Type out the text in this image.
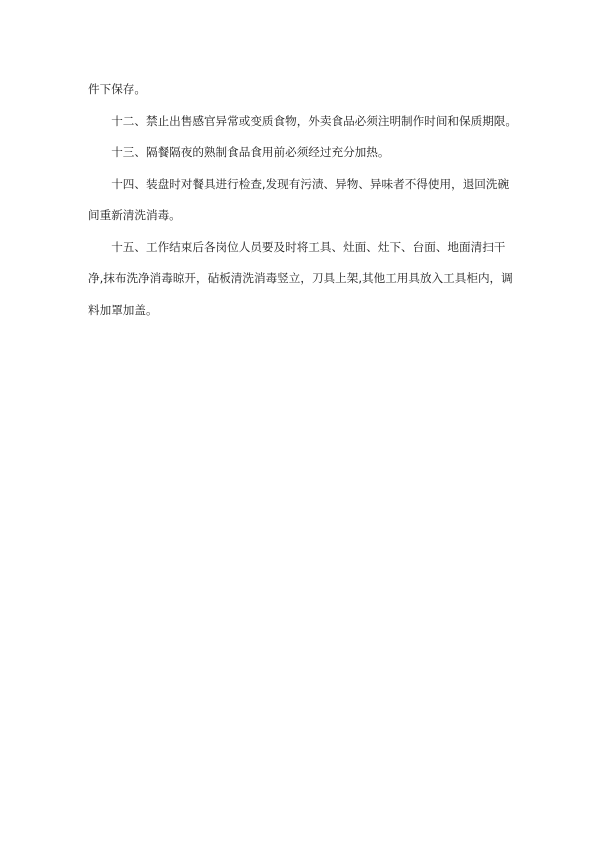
件下保存。

十二、禁止出售感官异常或变质食物，外卖食品必须注明制作时间和保质期限。

十三、隔餐隔夜的熟制食品食用前必须经过充分加热。

十四、装盘时对餐具进行检查,发现有污渍、异物、异味者不得使用，退回洗碗间重新清洗消毒。

十五、工作结束后各岗位人员要及时将工具、灶面、灶下、台面、地面清扫干净,抹布洗净消毒晾开，砧板清洗消毒竖立，刀具上架,其他工用具放入工具柜内，调料加罩加盖。
